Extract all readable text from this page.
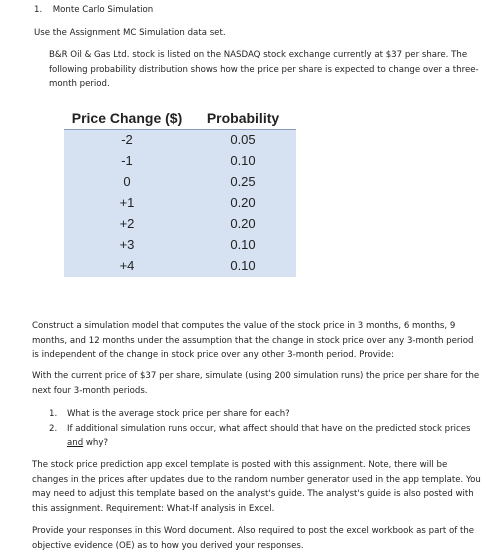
1. Monte Carlo Simulation
Use the Assignment MC Simulation data set.
B&R Oil & Gas Ltd. stock is listed on the NASDAQ stock exchange currently at $37 per share. The following probability distribution shows how the price per share is expected to change over a three-month period.
Price Change ($)	Probability
-2	0.05
-1	0.10
0	0.25
+1	0.20
+2	0.20
+3	0.10
+4	0.10
Construct a simulation model that computes the value of the stock price in 3 months, 6 months, 9 months, and 12 months under the assumption that the change in stock price over any 3-month period is independent of the change in stock price over any other 3-month period. Provide:
With the current price of $37 per share, simulate (using 200 simulation runs) the price per share for the next four 3-month periods.
1. What is the average stock price per share for each?
2. If additional simulation runs occur, what affect should that have on the predicted stock prices and why?
The stock price prediction app excel template is posted with this assignment. Note, there will be changes in the prices after updates due to the random number generator used in the app template. You may need to adjust this template based on the analyst's guide. The analyst's guide is also posted with this assignment. Requirement: What-If analysis in Excel.
Provide your responses in this Word document. Also required to post the excel workbook as part of the objective evidence (OE) as to how you derived your responses.
